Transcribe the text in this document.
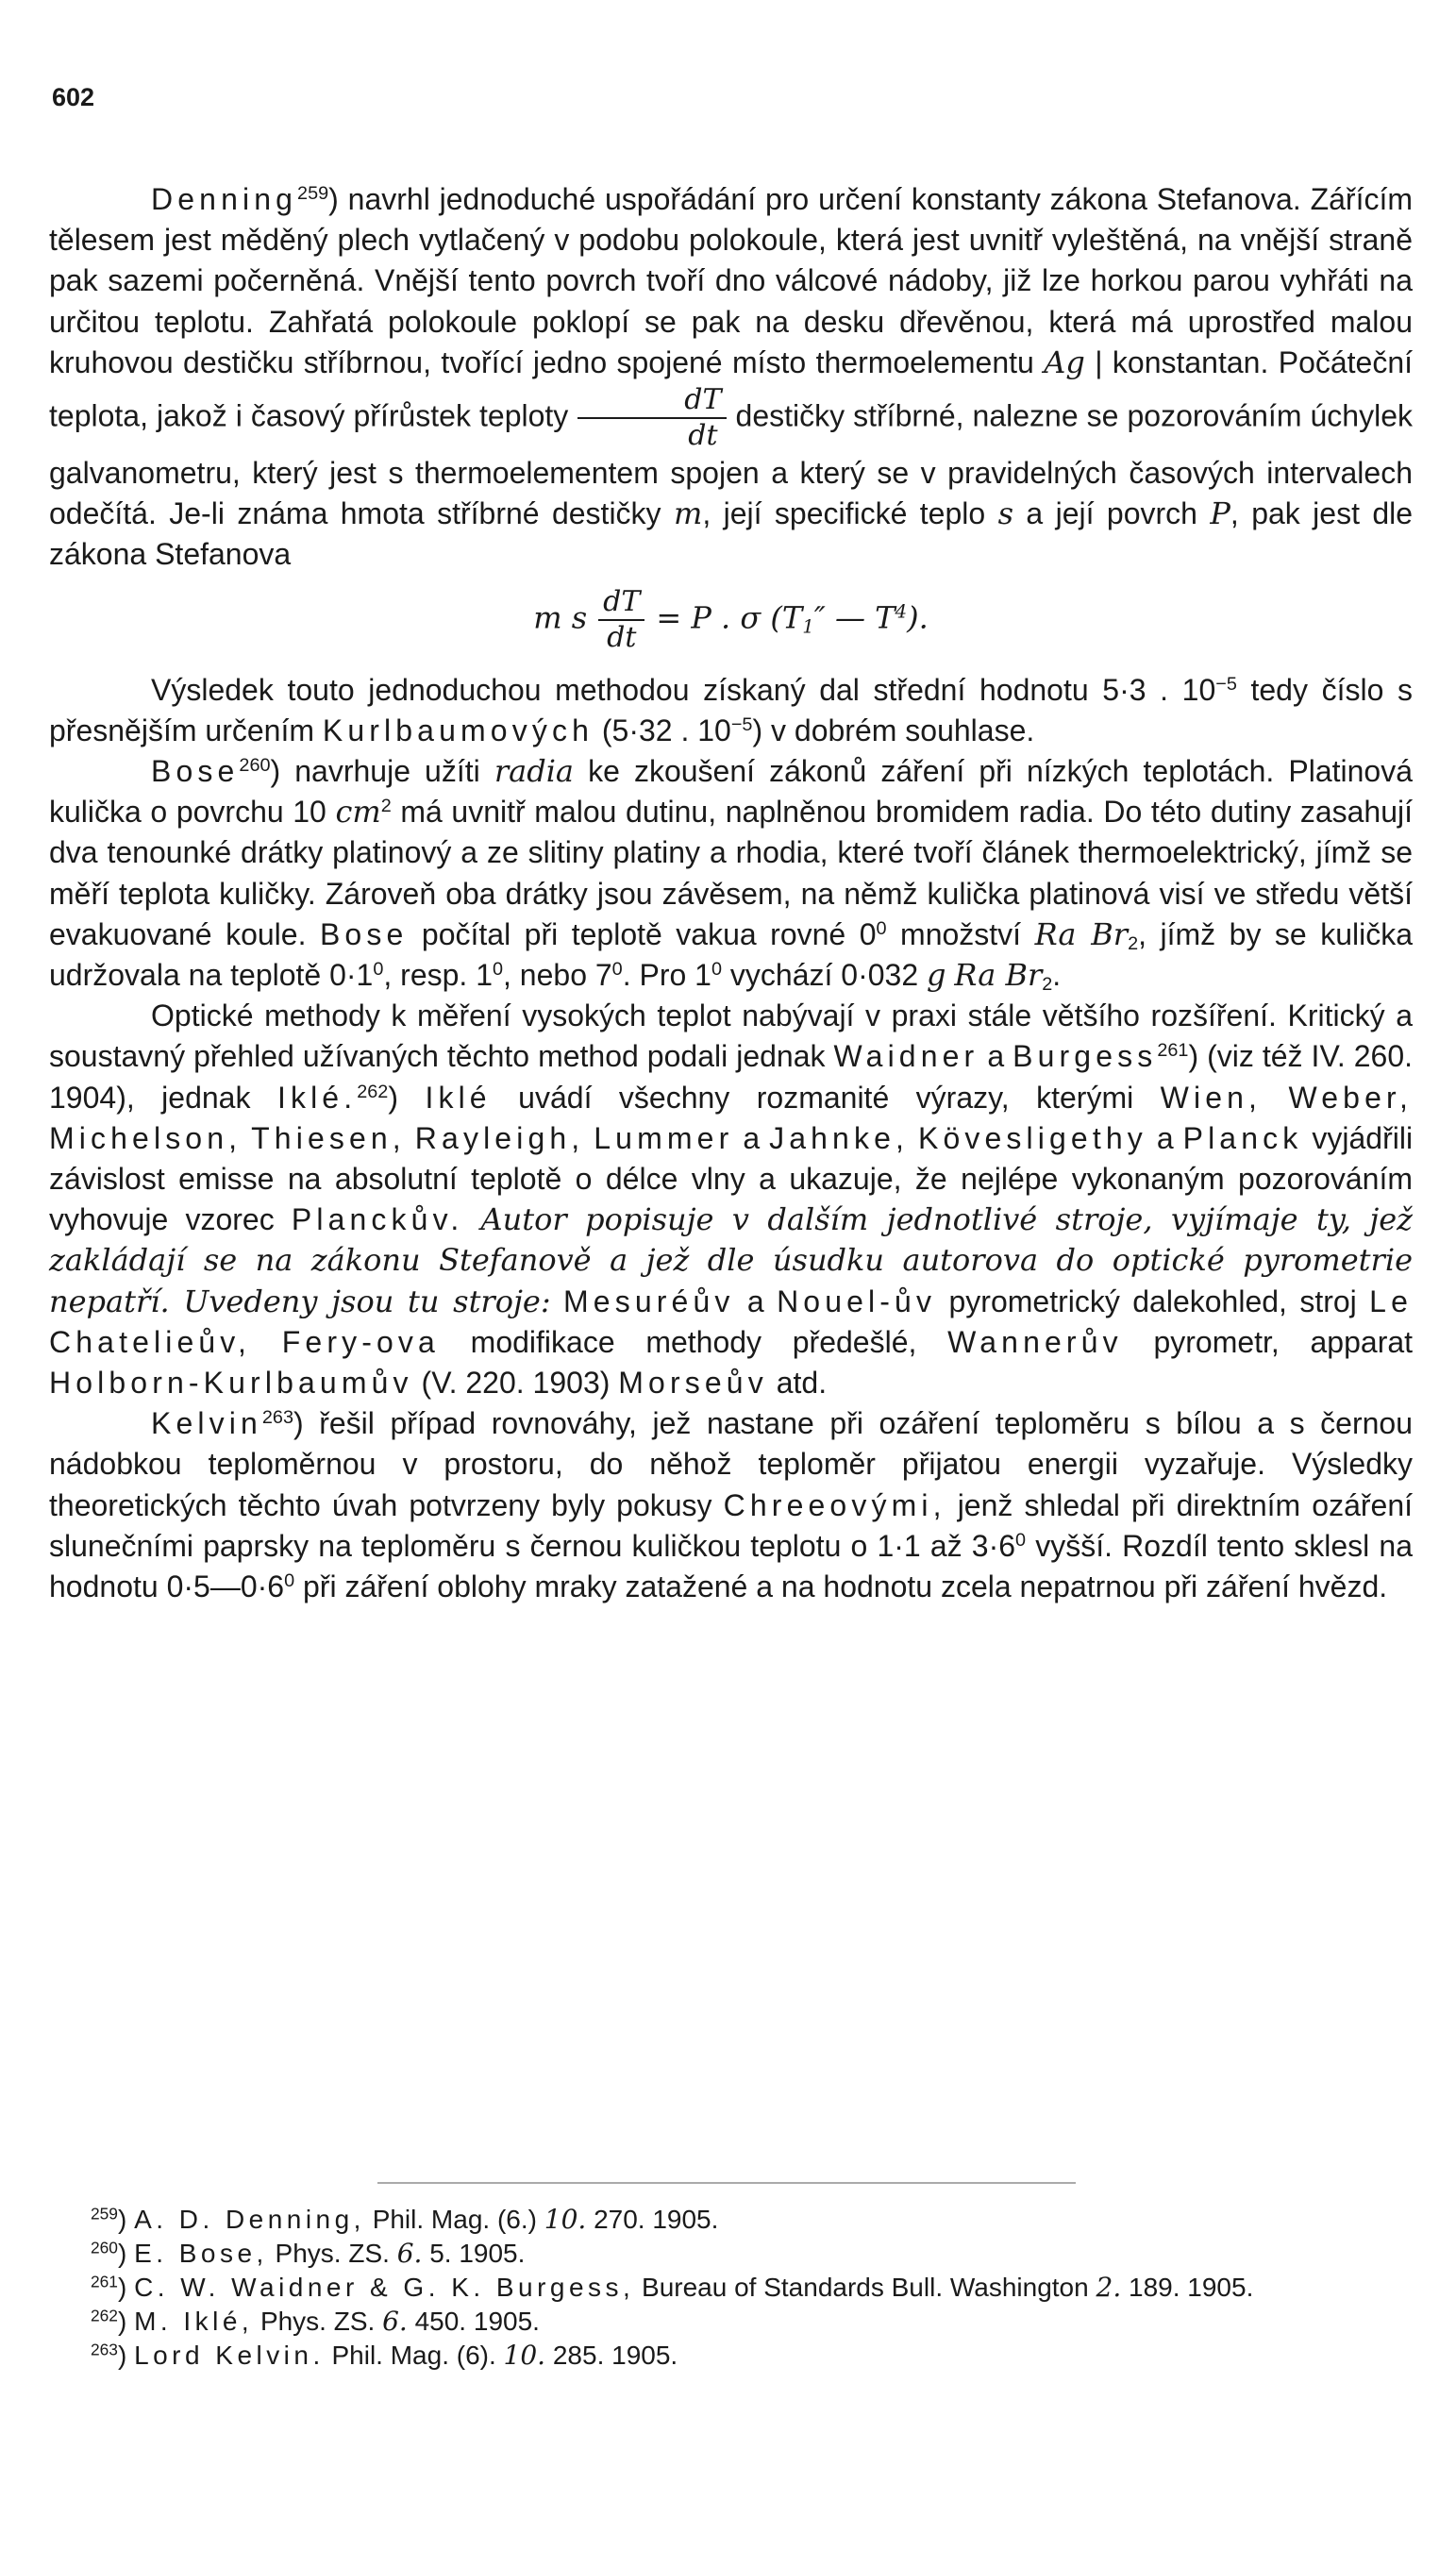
602

Denning$^{259}$) navrhl jednoduché uspořádání pro určení konstanty zákona Stefanova. Zářícím tělesem jest měděný plech vytlačený v podobu polokoule, která jest uvnitř vyleštěná, na vnější straně pak sazemi počerněná. Vnější tento povrch tvoří dno válcové nádoby, již lze horkou parou vyhřáti na určitou teplotu. Zahřatá polokoule poklopí se pak na desku dřevěnou, která má uprostřed malou kruhovou destičku stříbrnou, tvořící jedno spojené místo thermoelementu Ag | konstantan. Počáteční teplota, jakož i časový přírůstek teploty $\frac{dT}{dt}$ destičky stříbrné, nalezne se pozorováním úchylek galvanometru, který jest s thermoelementem spojen a který se v pravidelných časových intervalech odečítá. Je-li známa hmota stříbrné destičky m, její specifické teplo s a její povrch P, pak jest dle zákona Stefanova

m s $\frac{dT}{dt} = P$ . σ ($T_1''$ — $T^4$).

Výsledek touto jednoduchou methodou získaný dal střední hodnotu 5·3 . $10^{-5}$ tedy číslo s přesnějším určením Kurlbaumových (5·32 . $10^{-5}$) v dobrém souhlase.

Bose$^{260}$) navrhuje užíti radia ke zkoušení zákonů záření při nízkých teplotách. Platinová kulička o povrchu 10 $cm^2$ má uvnitř malou dutinu, naplněnou bromidem radia. Do této dutiny zasahují dva tenounké drátky platinový a ze slitiny platiny a rhodia, které tvoří článek thermoelektrický, jímž se měří teplota kuličky. Zároveň oba drátky jsou závěsem, na němž kulička platinová visí ve středu větší evakuované koule. Bose počítal při teplotě vakua rovné $0^0$ množství Ra $Br_2$, jímž by se kulička udržovala na teplotě $0\cdot 1^0$, resp. $1^0$, nebo $7^0$. Pro $1^0$ vychází 0·032 g Ra $Br_2$.

Optické methody k měření vysokých teplot nabývají v praxi stále většího rozšíření. Kritický a soustavný přehled užívaných těchto method podali jednak Waidner a Burgess$^{261}$) (viz též IV. 260. 1904), jednak Iklé.$^{262}$) Iklé uvádí všechny rozmanité výrazy, kterými Wien, Weber, Michelson, Thiesen, Rayleigh, Lummer a Jahnke, Kövesligethy a Planck vyjádřili závislost emisse na absolutní teplotě o délce vlny a ukazuje, že nejlépe vykonaným pozorováním vyhovuje vzorec Planckův. Autor popisuje v dalším jednotlivé stroje, vyjímaje ty, jež zakládají se na zákonu Stefanově a jež dle úsudku autorova do optické pyrometrie nepatří. Uvedeny jsou tu stroje: Mesuréův a Nouel-ův pyrometrický dalekohled, stroj Le Chatelieův, Fery-ova modifikace methody předešlé, Wannerův pyrometr, apparat Holborn-Kurlbaumův (V. 220. 1903) Morseův atd.

Kelvin$^{263}$) řešil případ rovnováhy, jež nastane při ozáření teploměru s bílou a s černou nádobkou teploměrnou v prostoru, do něhož teploměr přijatou energii vyzařuje. Výsledky theoretických těchto úvah potvrzeny byly pokusy Chreeovými, jenž shledal při direktním ozáření slunečními paprsky na teploměru s černou kuličkou teplotu o 1·1 až $3\cdot 6^0$ vyšší. Rozdíl tento sklesl na hodnotu $0\cdot 5—0\cdot 6^0$ při záření oblohy mraky zatažené a na hodnotu zcela nepatrnou při záření hvězd.

$^{259}$) A. D. Denning, Phil. Mag. (6.) 10. 270. 1905.

$^{260}$) E. Bose, Phys. ZS. 6. 5. 1905.

$^{261}$) C. W. Waidner & G. K. Burgess, Bureau of Standards Bull. Washington 2. 189. 1905.

$^{262}$) M. Iklé, Phys. ZS. 6. 450. 1905.

$^{263}$) Lord Kelvin. Phil. Mag. (6). 10. 285. 1905.
